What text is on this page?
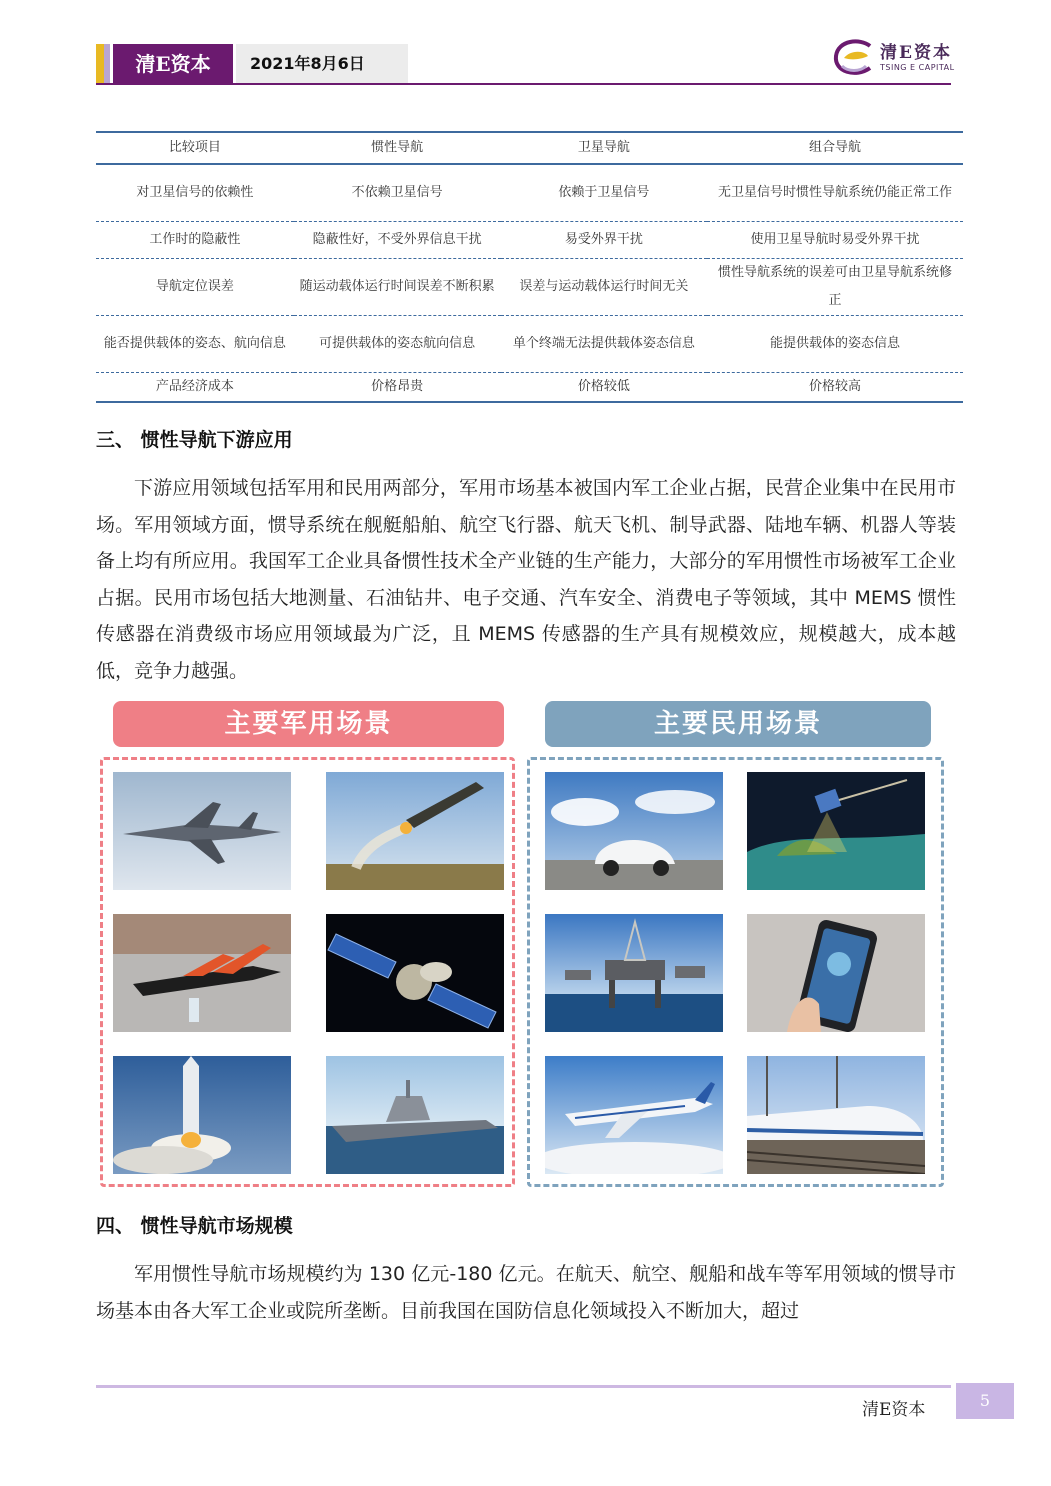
清E资本	2021年8月6日
清E资本
TSING E CAPITAL
比较项目	惯性导航	卫星导航	组合导航
对卫星信号的依赖性	不依赖卫星信号	依赖于卫星信号	无卫星信号时惯性导航系统仍能正常工作
工作时的隐蔽性	隐蔽性好，不受外界信息干扰	易受外界干扰	使用卫星导航时易受外界干扰
导航定位误差	随运动载体运行时间误差不断积累	误差与运动载体运行时间无关	惯性导航系统的误差可由卫星导航系统修正
能否提供载体的姿态、航向信息	可提供载体的姿态航向信息	单个终端无法提供载体姿态信息	能提供载体的姿态信息
产品经济成本	价格昂贵	价格较低	价格较高
三、 惯性导航下游应用

下游应用领域包括军用和民用两部分，军用市场基本被国内军工企业占据，民营企业集中在民用市场。军用领域方面，惯导系统在舰艇船舶、航空飞行器、航天飞机、制导武器、陆地车辆、机器人等装备上均有所应用。我国军工企业具备惯性技术全产业链的生产能力，大部分的军用惯性市场被军工企业占据。民用市场包括大地测量、石油钻井、电子交通、汽车安全、消费电子等领域，其中 MEMS 惯性传感器在消费级市场应用领域最为广泛，且 MEMS 传感器的生产具有规模效应，规模越大，成本越低，竞争力越强。

主要军用场景	主要民用场景
四、 惯性导航市场规模

军用惯性导航市场规模约为 130 亿元-180 亿元。在航天、航空、舰船和战车等军用领域的惯导市场基本由各大军工企业或院所垄断。目前我国在国防信息化领域投入不断加大，超过

清E资本	5
